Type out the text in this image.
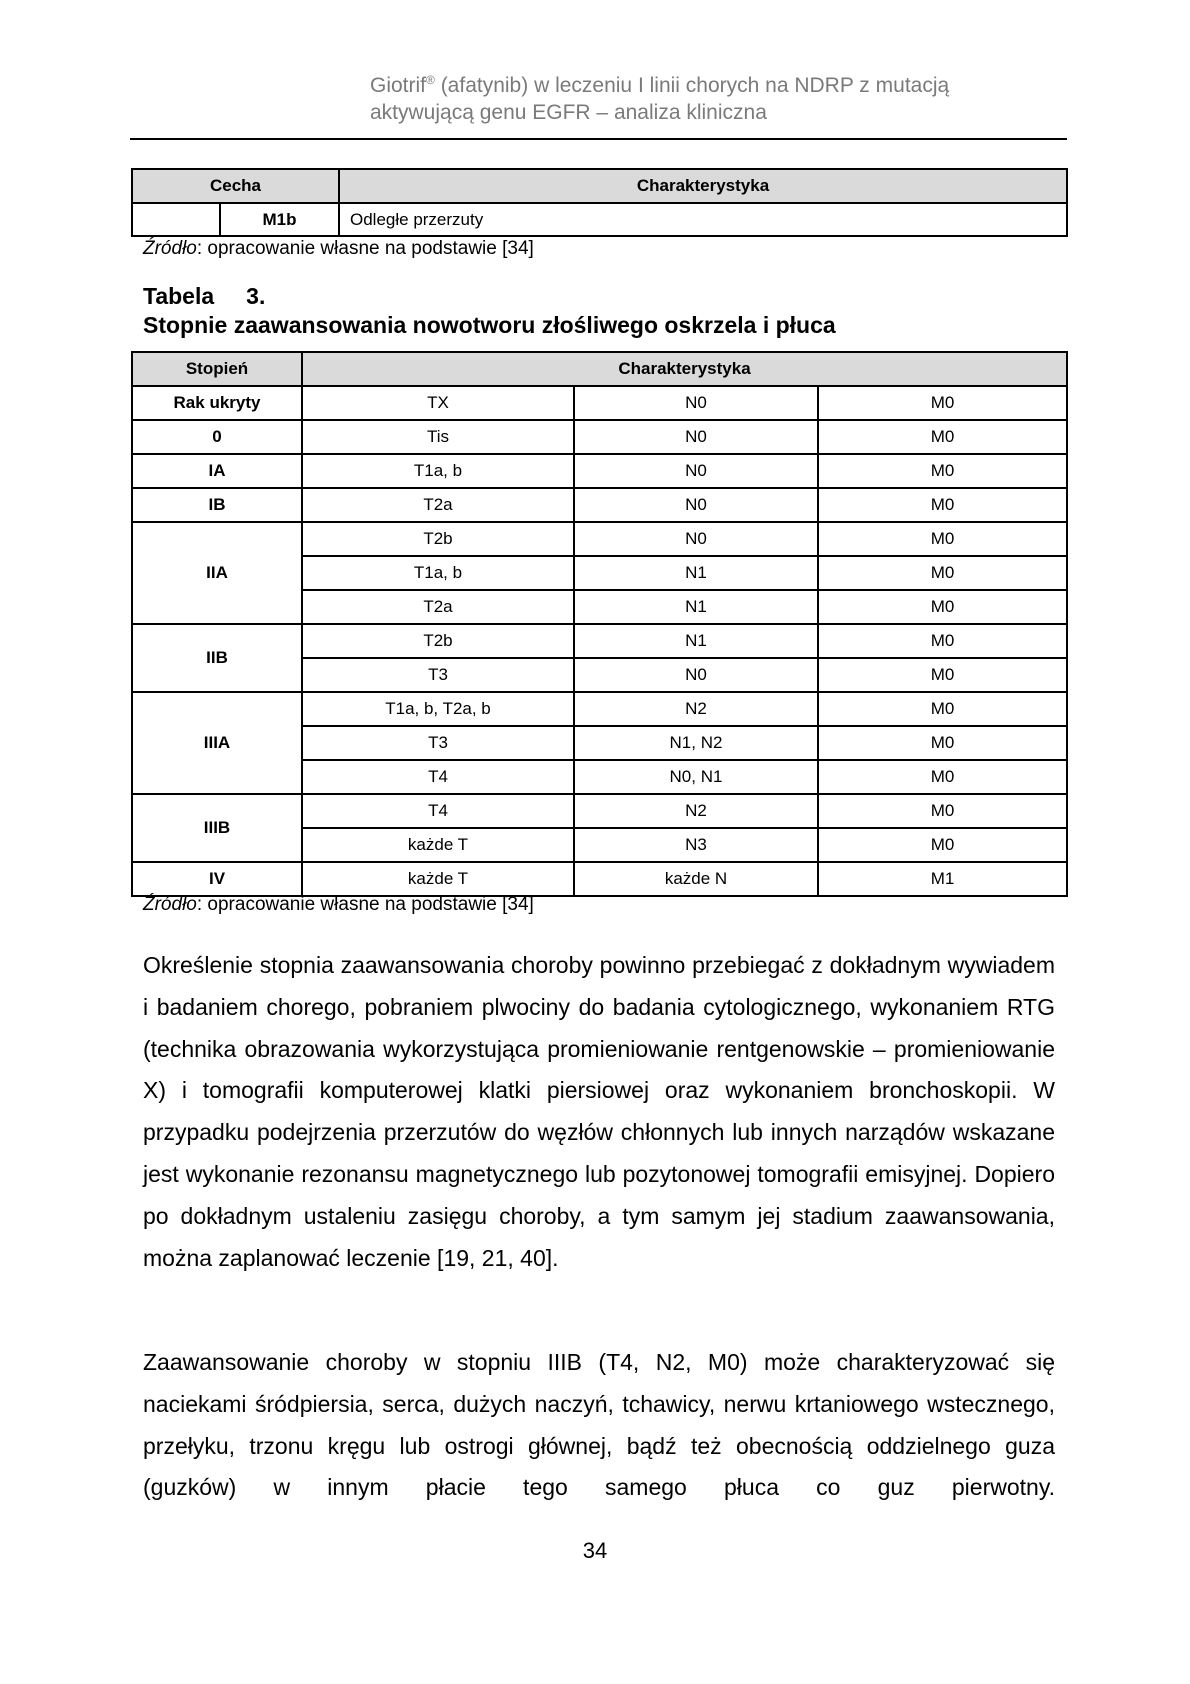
Giotrif® (afatynib) w leczeniu I linii chorych na NDRP z mutacją
aktywującą genu EGFR – analiza kliniczna
Cecha		Charakterystyka
	M1b	Odległe przerzuty
Źródło: opracowanie własne na podstawie [34]
Tabela 3.
Stopnie zaawansowania nowotworu złośliwego oskrzela i płuca
Stopień	Charakterystyka		
Rak ukryty	TX	N0	M0
0	Tis	N0	M0
IA	T1a, b	N0	M0
IB	T2a	N0	M0
IIA	T2b	N0	M0
	T1a, b	N1	M0
	T2a	N1	M0
IIB	T2b	N1	M0
	T3	N0	M0
IIIA	T1a, b, T2a, b	N2	M0
	T3	N1, N2	M0
	T4	N0, N1	M0
IIIB	T4	N2	M0
	każde T	N3	M0
IV	każde T	każde N	M1
Źródło: opracowanie własne na podstawie [34]

Określenie stopnia zaawansowania choroby powinno przebiegać z dokładnym wywiadem i badaniem chorego, pobraniem plwociny do badania cytologicznego, wykonaniem RTG (technika obrazowania wykorzystująca promieniowanie rentgenowskie – promieniowanie X) i tomografii komputerowej klatki piersiowej oraz wykonaniem bronchoskopii. W przypadku podejrzenia przerzutów do węzłów chłonnych lub innych narządów wskazane jest wykonanie rezonansu magnetycznego lub pozytonowej tomografii emisyjnej. Dopiero po dokładnym ustaleniu zasięgu choroby, a tym samym jej stadium zaawansowania, można zaplanować leczenie [19, 21, 40].

Zaawansowanie choroby w stopniu IIIB (T4, N2, M0) może charakteryzować się naciekami śródpiersia, serca, dużych naczyń, tchawicy, nerwu krtaniowego wstecznego, przełyku, trzonu kręgu lub ostrogi głównej, bądź też obecnością oddzielnego guza (guzków) w innym płacie tego samego płuca co guz pierwotny.

34
